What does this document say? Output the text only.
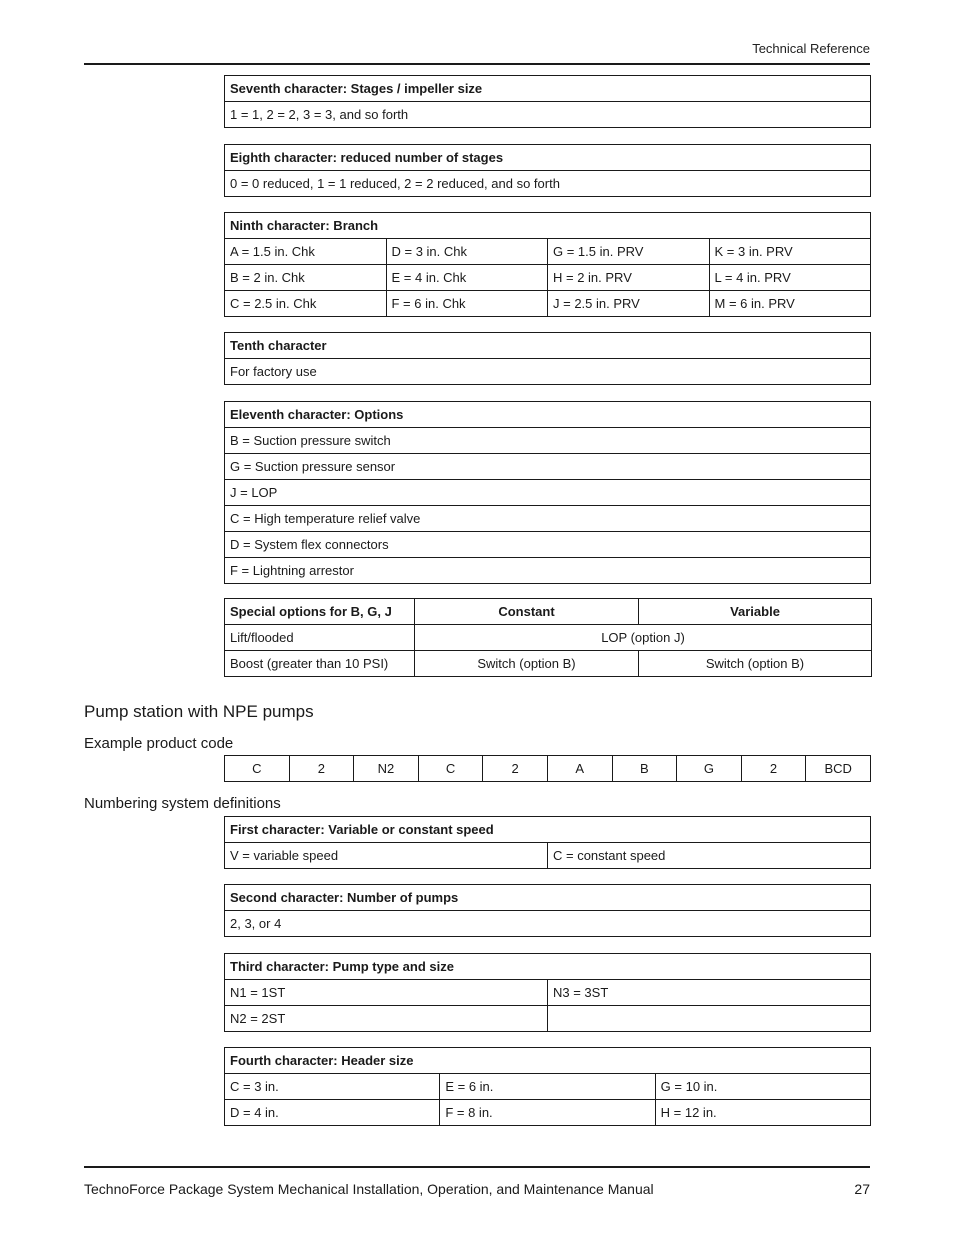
Technical Reference
Seventh character: Stages / impeller size
1 = 1, 2 = 2, 3 = 3, and so forth
Eighth character: reduced number of stages
0 = 0 reduced, 1 = 1 reduced, 2 = 2 reduced, and so forth
Ninth character: Branch			
A = 1.5 in. Chk	D = 3 in. Chk	G = 1.5 in. PRV	K = 3 in. PRV
B = 2 in. Chk	E = 4 in. Chk	H = 2 in. PRV	L = 4 in. PRV
C = 2.5 in. Chk	F = 6 in. Chk	J = 2.5 in. PRV	M = 6 in. PRV
Tenth character
For factory use
Eleventh character: Options
B = Suction pressure switch
G = Suction pressure sensor
J = LOP
C = High temperature relief valve
D = System flex connectors
F = Lightning arrestor
Special options for B, G, J	Constant	Variable
Lift/flooded	LOP (option J)	
Boost (greater than 10 PSI)	Switch (option B)	Switch (option B)
Pump station with NPE pumps
Example product code
C	2	N2	C	2	A	B	G	2	BCD
Numbering system definitions
First character: Variable or constant speed
V = variable speed	C = constant speed
Second character: Number of pumps
2, 3, or 4
Third character: Pump type and size	
N1 = 1ST	N3 = 3ST
N2 = 2ST	
Fourth character: Header size		
C = 3 in.	E = 6 in.	G = 10 in.
D = 4 in.	F = 8 in.	H = 12 in.
TechnoForce Package System Mechanical Installation, Operation, and Maintenance Manual	27
